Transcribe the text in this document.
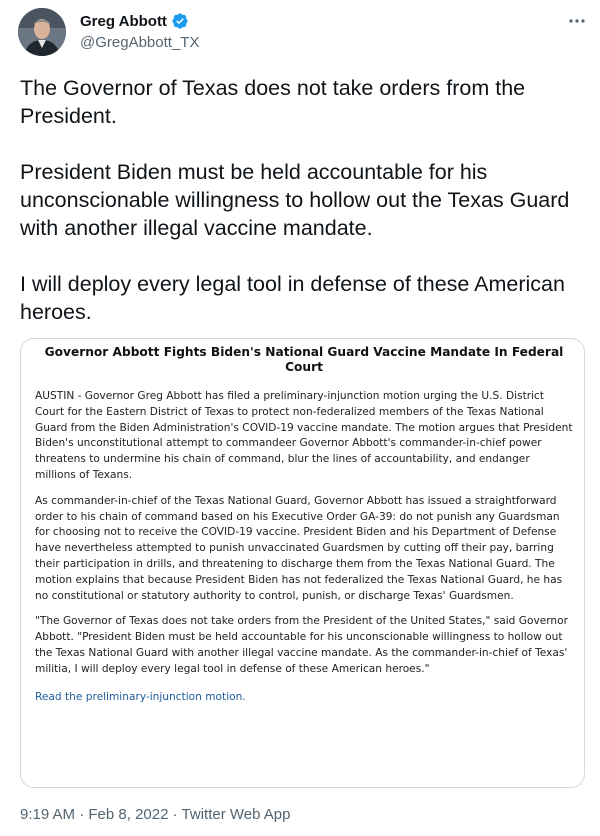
Greg Abbott
@GregAbbott_TX

The Governor of Texas does not take orders from the President.

President Biden must be held accountable for his unconscionable willingness to hollow out the Texas Guard with another illegal vaccine mandate.

I will deploy every legal tool in defense of these American heroes.

Governor Abbott Fights Biden's National Guard Vaccine Mandate In Federal Court
AUSTIN - Governor Greg Abbott has filed a preliminary-injunction motion urging the U.S. District Court for the Eastern District of Texas to protect non-federalized members of the Texas National Guard from the Biden Administration's COVID-19 vaccine mandate. The motion argues that President Biden's unconstitutional attempt to commandeer Governor Abbott's commander-in-chief power threatens to undermine his chain of command, blur the lines of accountability, and endanger millions of Texans.
As commander-in-chief of the Texas National Guard, Governor Abbott has issued a straightforward order to his chain of command based on his Executive Order GA-39: do not punish any Guardsman for choosing not to receive the COVID-19 vaccine. President Biden and his Department of Defense have nevertheless attempted to punish unvaccinated Guardsmen by cutting off their pay, barring their participation in drills, and threatening to discharge them from the Texas National Guard. The motion explains that because President Biden has not federalized the Texas National Guard, he has no constitutional or statutory authority to control, punish, or discharge Texas' Guardsmen.
"The Governor of Texas does not take orders from the President of the United States," said Governor Abbott. "President Biden must be held accountable for his unconscionable willingness to hollow out the Texas National Guard with another illegal vaccine mandate. As the commander-in-chief of Texas' militia, I will deploy every legal tool in defense of these American heroes."
Read the preliminary-injunction motion.
9:19 AM · Feb 8, 2022 · Twitter Web App
